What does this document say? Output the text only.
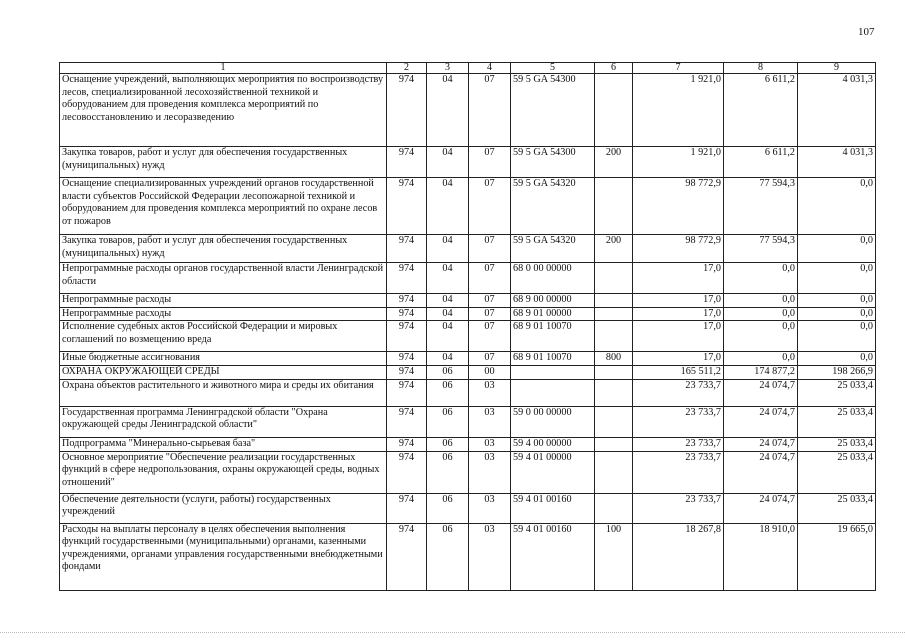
107
1	2	3	4	5	6	7	8	9
Оснащение учреждений, выполняющих мероприятия по воспроизводству лесов, специализированной лесохозяйственной техникой и оборудованием для проведения комплекса мероприятий по лесовосстановлению и лесоразведению	974	04	07	59 5 GA 54300		1 921,0	6 611,2	4 031,3
Закупка товаров, работ и услуг для обеспечения государственных (муниципальных) нужд	974	04	07	59 5 GA 54300	200	1 921,0	6 611,2	4 031,3
Оснащение специализированных учреждений органов государственной власти субъектов Российской Федерации лесопожарной техникой и оборудованием для проведения комплекса мероприятий по охране лесов от пожаров	974	04	07	59 5 GA 54320		98 772,9	77 594,3	0,0
Закупка товаров, работ и услуг для обеспечения государственных (муниципальных) нужд	974	04	07	59 5 GA 54320	200	98 772,9	77 594,3	0,0
Непрограммные расходы органов государственной власти Ленинградской области	974	04	07	68 0 00 00000		17,0	0,0	0,0
Непрограммные расходы	974	04	07	68 9 00 00000		17,0	0,0	0,0
Непрограммные расходы	974	04	07	68 9 01 00000		17,0	0,0	0,0
Исполнение судебных актов Российской Федерации и мировых соглашений по возмещению вреда	974	04	07	68 9 01 10070		17,0	0,0	0,0
Иные бюджетные ассигнования	974	04	07	68 9 01 10070	800	17,0	0,0	0,0
ОХРАНА ОКРУЖАЮЩЕЙ СРЕДЫ	974	06	00			165 511,2	174 877,2	198 266,9
Охрана объектов растительного и животного мира и среды их обитания	974	06	03			23 733,7	24 074,7	25 033,4
Государственная программа Ленинградской области "Охрана окружающей среды Ленинградской области"	974	06	03	59 0 00 00000		23 733,7	24 074,7	25 033,4
Подпрограмма "Минерально-сырьевая база"	974	06	03	59 4 00 00000		23 733,7	24 074,7	25 033,4
Основное мероприятие "Обеспечение реализации государственных функций в сфере недропользования, охраны окружающей среды, водных отношений"	974	06	03	59 4 01 00000		23 733,7	24 074,7	25 033,4
Обеспечение деятельности (услуги, работы) государственных учреждений	974	06	03	59 4 01 00160		23 733,7	24 074,7	25 033,4
Расходы на выплаты персоналу в целях обеспечения выполнения функций государственными (муниципальными) органами, казенными учреждениями, органами управления государственными внебюджетными фондами	974	06	03	59 4 01 00160	100	18 267,8	18 910,0	19 665,0
